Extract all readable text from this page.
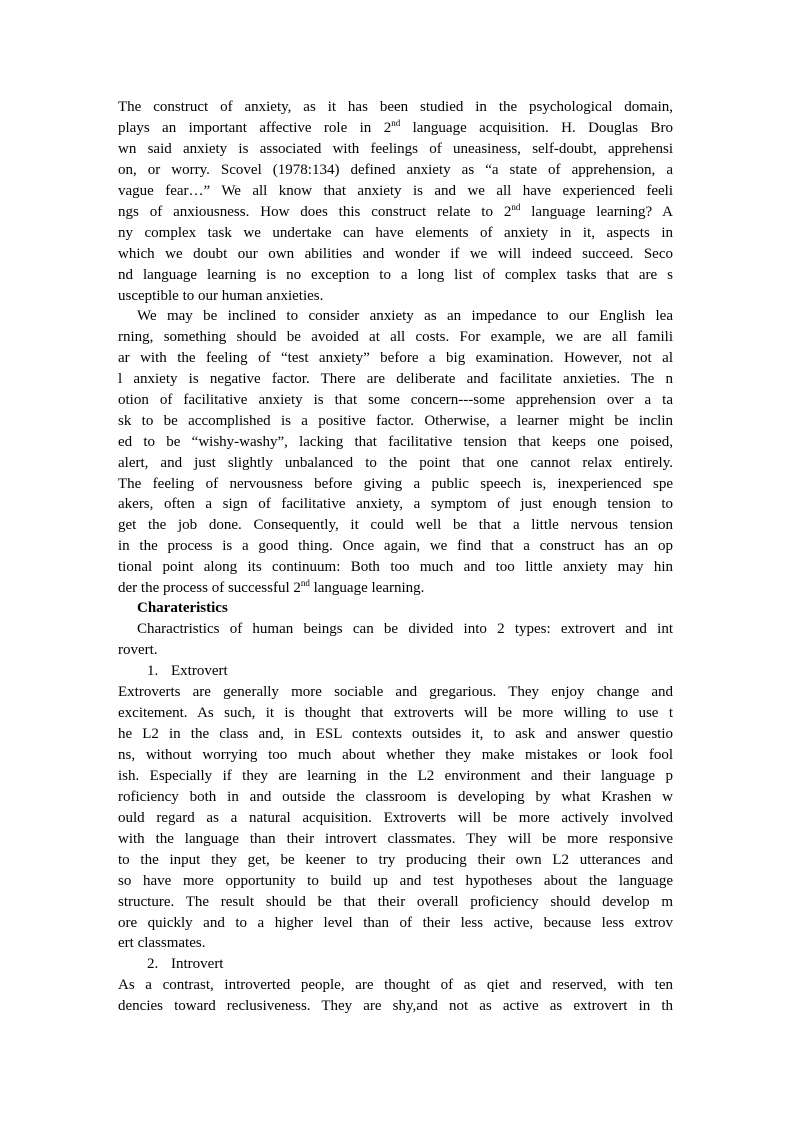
The construct of anxiety, as it has been studied in the psychological domain,
plays an important affective role in 2nd language acquisition. H. Douglas Bro
wn said anxiety is associated with feelings of uneasiness, self-doubt, apprehensi
on, or worry. Scovel (1978:134) defined anxiety as “a state of apprehension, a
vague fear…” We all know that anxiety is and we all have experienced feeli
ngs of anxiousness. How does this construct relate to 2nd language learning? A
ny complex task we undertake can have elements of anxiety in it, aspects in
which we doubt our own abilities and wonder if we will indeed succeed. Seco
nd language learning is no exception to a long list of complex tasks that are s
usceptible to our human anxieties.
We may be inclined to consider anxiety as an impedance to our English lea
rning, something should be avoided at all costs. For example, we are all famili
ar with the feeling of “test anxiety” before a big examination. However, not al
l anxiety is negative factor. There are deliberate and facilitate anxieties. The n
otion of facilitative anxiety is that some concern---some apprehension over a ta
sk to be accomplished is a positive factor. Otherwise, a learner might be inclin
ed to be “wishy-washy”, lacking that facilitative tension that keeps one poised,
alert, and just slightly unbalanced to the point that one cannot relax entirely.
The feeling of nervousness before giving a public speech is, inexperienced spe
akers, often a sign of facilitative anxiety, a symptom of just enough tension to
get the job done. Consequently, it could well be that a little nervous tension
in the process is a good thing. Once again, we find that a construct has an op
tional point along its continuum: Both too much and too little anxiety may hin
der the process of successful 2nd language learning.
Charateristics
Charactristics of human beings can be divided into 2 types: extrovert and int
rovert.
1. Extrovert
Extroverts are generally more sociable and gregarious. They enjoy change and
excitement. As such, it is thought that extroverts will be more willing to use t
he L2 in the class and, in ESL contexts outsides it, to ask and answer questio
ns, without worrying too much about whether they make mistakes or look fool
ish. Especially if they are learning in the L2 environment and their language p
roficiency both in and outside the classroom is developing by what Krashen w
ould regard as a natural acquisition. Extroverts will be more actively involved
with the language than their introvert classmates. They will be more responsive
to the input they get, be keener to try producing their own L2 utterances and
so have more opportunity to build up and test hypotheses about the language
structure. The result should be that their overall proficiency should develop m
ore quickly and to a higher level than of their less active, because less extrov
ert classmates.
2. Introvert
As a contrast, introverted people, are thought of as qiet and reserved, with ten
dencies toward reclusiveness. They are shy,and not as active as extrovert in th
